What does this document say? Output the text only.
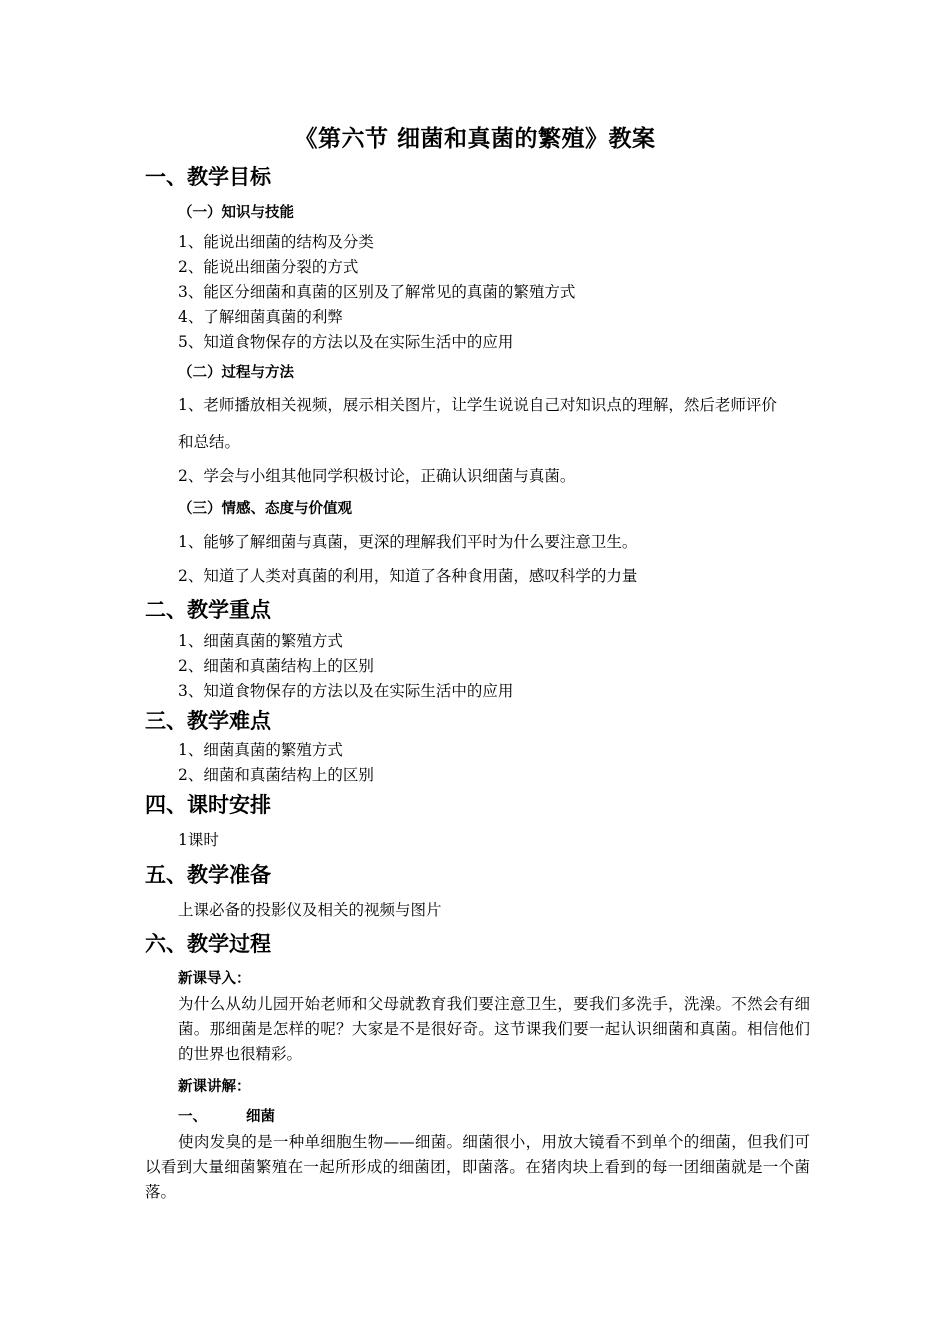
《第六节 细菌和真菌的繁殖》教案
一、教学目标
（一）知识与技能
1、能说出细菌的结构及分类
2、能说出细菌分裂的方式
3、能区分细菌和真菌的区别及了解常见的真菌的繁殖方式
4、了解细菌真菌的利弊
5、知道食物保存的方法以及在实际生活中的应用
（二）过程与方法
1、老师播放相关视频，展示相关图片，让学生说说自己对知识点的理解，然后老师评价
和总结。
2、学会与小组其他同学积极讨论，正确认识细菌与真菌。
（三）情感、态度与价值观
1、能够了解细菌与真菌，更深的理解我们平时为什么要注意卫生。
2、知道了人类对真菌的利用，知道了各种食用菌，感叹科学的力量
二、教学重点
1、细菌真菌的繁殖方式
2、细菌和真菌结构上的区别
3、知道食物保存的方法以及在实际生活中的应用
三、教学难点
1、细菌真菌的繁殖方式
2、细菌和真菌结构上的区别
四、课时安排
1课时
五、教学准备
上课必备的投影仪及相关的视频与图片
六、教学过程
新课导入：
为什么从幼儿园开始老师和父母就教育我们要注意卫生，要我们多洗手，洗澡。不然会有细菌。那细菌是怎样的呢？大家是不是很好奇。这节课我们要一起认识细菌和真菌。相信他们的世界也很精彩。
新课讲解：
一、	细菌
使肉发臭的是一种单细胞生物——细菌。细菌很小，用放大镜看不到单个的细菌，但我们可以看到大量细菌繁殖在一起所形成的细菌团，即菌落。在猪肉块上看到的每一团细菌就是一个菌落。
